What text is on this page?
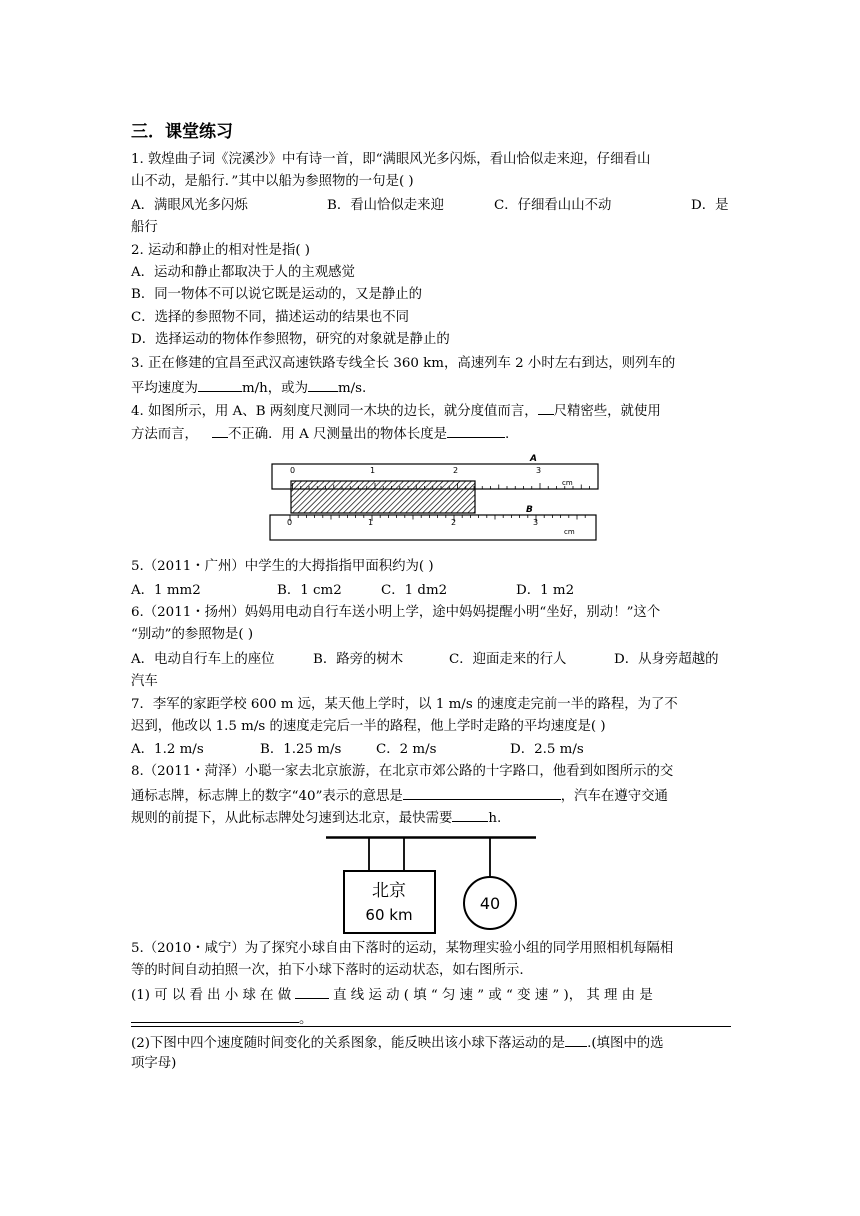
三．课堂练习
1. 敦煌曲子词《浣溪沙》中有诗一首，即“满眼风光多闪烁，看山恰似走来迎，仔细看山
山不动，是船行．”其中以船为参照物的一句是( )
A．满眼风光多闪烁	B．看山恰似走来迎	C．仔细看山山不动	D．是
船行
2. 运动和静止的相对性是指( )
A．运动和静止都取决于人的主观感觉
B．同一物体不可以说它既是运动的，又是静止的
C．选择的参照物不同，描述运动的结果也不同
D．选择运动的物体作参照物，研究的对象就是静止的
3. 正在修建的宜昌至武汉高速铁路专线全长 360 km，高速列车 2 小时左右到达，则列车的
平均速度为	m/h，或为 m/s.
4. 如图所示，用 A、B 两刻度尺测同一木块的边长，就分度值而言， 尺精密些，就使用
方法而言， 不正确．用 A 尺测量出的物体长度是	.
A
cm
0	1	2	3
B
cm
0	1	2	3
5.（2011・广州）中学生的大拇指指甲面积约为( )
A．1 mm2	B．1 cm2	C．1 dm2	D．1 m2
6.（2011・扬州）妈妈用电动自行车送小明上学，途中妈妈提醒小明“坐好，别动！”这个
“别动”的参照物是( )
A．电动自行车上的座位	B．路旁的树木	C．迎面走来的行人	D．从身旁超越的
汽车
7．李军的家距学校 600 m 远，某天他上学时，以 1 m/s 的速度走完前一半的路程，为了不
迟到，他改以 1.5 m/s 的速度走完后一半的路程，他上学时走路的平均速度是( )
A．1.2 m/s	B．1.25 m/s	C．2 m/s	D．2.5 m/s
8.（2011・菏泽）小聪一家去北京旅游，在北京市郊公路的十字路口，他看到如图所示的交
通标志牌，标志牌上的数字“40”表示的意思是	，汽车在遵守交通
规则的前提下，从此标志牌处匀速到达北京，最快需要	h.
北京
60 km
40
5.（2010・咸宁）为了探究小球自由下落时的运动，某物理实验小组的同学用照相机每隔相
等的时间自动拍照一次，拍下小球下落时的运动状态，如右图所示.
(1) 可 以 看 出 小 球 在 做	直 线 运 动 ( 填 “ 匀 速 ” 或 “ 变 速 ” )， 其 理 由 是
。
(2)下图中四个速度随时间变化的关系图象，能反映出该小球下落运动的是 .(填图中的选
项字母)
